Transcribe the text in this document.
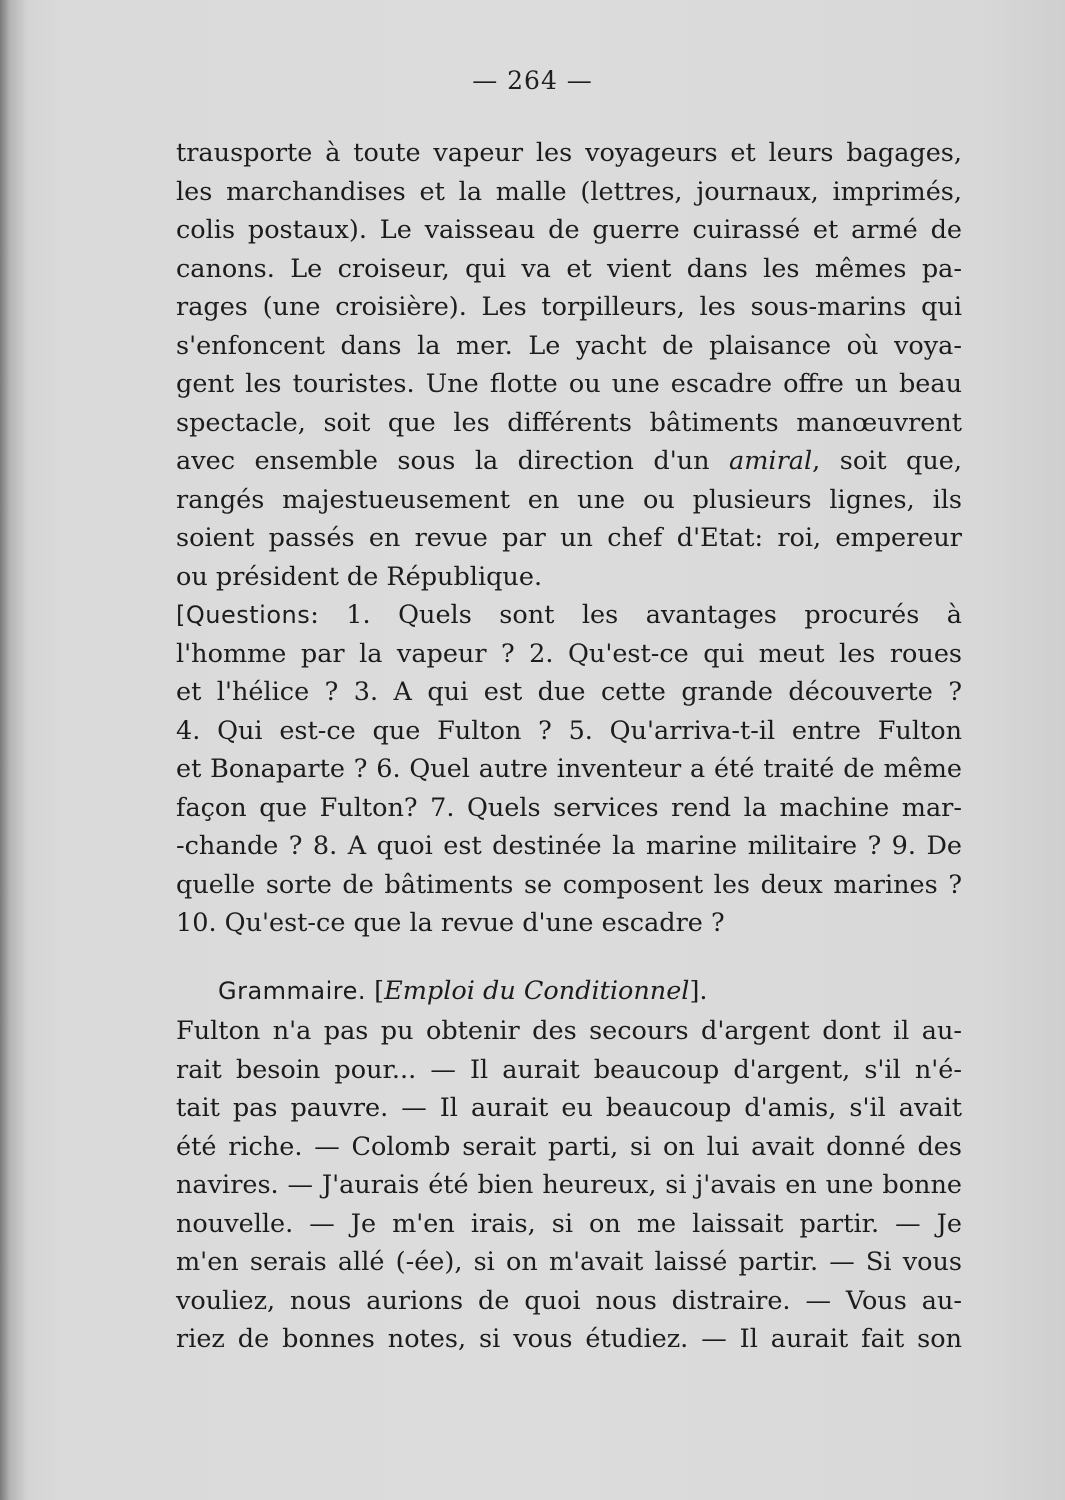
— 264 —
trausporte à toute vapeur les voyageurs et leurs bagages,
les marchandises et la malle (lettres, journaux, imprimés,
colis postaux). Le vaisseau de guerre cuirassé et armé de
canons. Le croiseur, qui va et vient dans les mêmes pa-
rages (une croisière). Les torpilleurs, les sous-marins qui
s'enfoncent dans la mer. Le yacht de plaisance où voya-
gent les touristes. Une flotte ou une escadre offre un beau
spectacle, soit que les différents bâtiments manœuvrent
avec ensemble sous la direction d'un amiral, soit que,
rangés majestueusement en une ou plusieurs lignes, ils
soient passés en revue par un chef d'Etat: roi, empereur
ou président de République.
[Questions: 1. Quels sont les avantages procurés à
l'homme par la vapeur ? 2. Qu'est-ce qui meut les roues
et l'hélice ? 3. A qui est due cette grande découverte ?
4. Qui est-ce que Fulton ? 5. Qu'arriva-t-il entre Fulton
et Bonaparte ? 6. Quel autre inventeur a été traité de même
façon que Fulton? 7. Quels services rend la machine mar-
-chande ? 8. A quoi est destinée la marine militaire ? 9. De
quelle sorte de bâtiments se composent les deux marines ?
10. Qu'est-ce que la revue d'une escadre ?
Grammaire. [Emploi du Conditionnel].
Fulton n'a pas pu obtenir des secours d'argent dont il au-
rait besoin pour... — Il aurait beaucoup d'argent, s'il n'é-
tait pas pauvre. — Il aurait eu beaucoup d'amis, s'il avait
été riche. — Colomb serait parti, si on lui avait donné des
navires. — J'aurais été bien heureux, si j'avais en une bonne
nouvelle. — Je m'en irais, si on me laissait partir. — Je
m'en serais allé (-ée), si on m'avait laissé partir. — Si vous
vouliez, nous aurions de quoi nous distraire. — Vous au-
riez de bonnes notes, si vous étudiez. — Il aurait fait son
